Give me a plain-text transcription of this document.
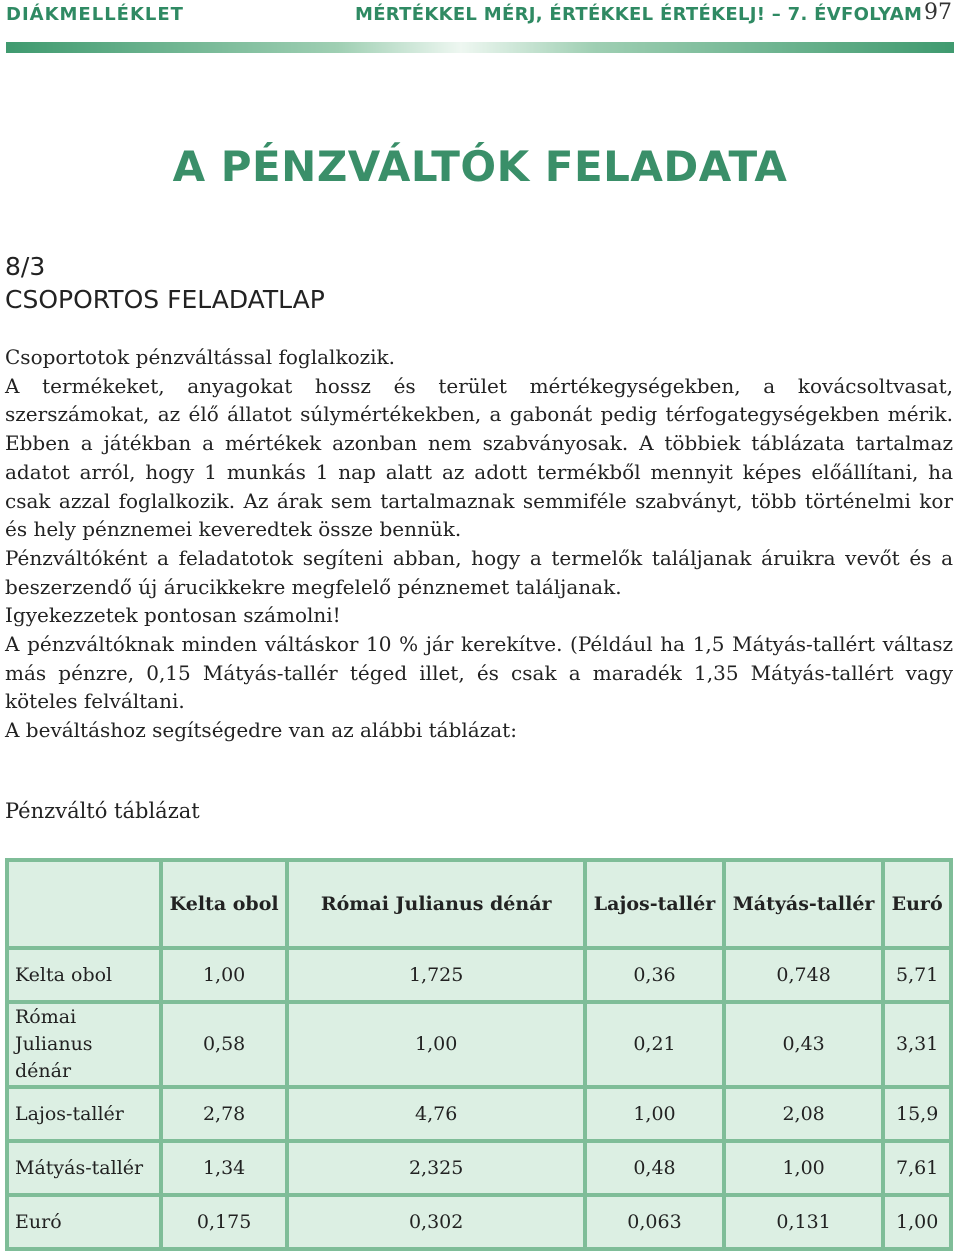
DIÁKMELLÉKLET	MÉRTÉKKEL MÉRJ, ÉRTÉKKEL ÉRTÉKELJ! – 7. ÉVFOLYAM 97
A PÉNZVÁLTÓK FELADATA
8/3
CSOPORTOS FELADATLAP

Csoportotok pénzváltással foglalkozik.

A termékeket, anyagokat hossz és terület mértékegységekben, a kovácsoltvasat, szerszámokat, az élő állatot súlymértékekben, a gabonát pedig térfogategységekben mérik. Ebben a játékban a mértékek azonban nem szabványosak. A többiek táblázata tartalmaz adatot arról, hogy 1 munkás 1 nap alatt az adott termékből mennyit képes előállítani, ha csak azzal foglalkozik. Az árak sem tartalmaznak semmiféle szabványt, több történelmi kor és hely pénznemei keveredtek össze bennük.

Pénzváltóként a feladatotok segíteni abban, hogy a termelők találjanak áruikra vevőt és a beszerzendő új árucikkekre megfelelő pénznemet találjanak.

Igyekezzetek pontosan számolni!

A pénzváltóknak minden váltáskor 10 % jár kerekítve. (Például ha 1,5 Mátyás-tallért váltasz más pénzre, 0,15 Mátyás-tallér téged illet, és csak a maradék 1,35 Mátyás-tallért vagy köteles felváltani.

A beváltáshoz segítségedre van az alábbi táblázat:

Pénzváltó táblázat
	Kelta obol	Római Julianus dénár	Lajos-tallér	Mátyás-tallér	Euró
Kelta obol	1,00	1,725	0,36	0,748	5,71
Római Julianus dénár	0,58	1,00	0,21	0,43	3,31
Lajos-tallér	2,78	4,76	1,00	2,08	15,9
Mátyás-tallér	1,34	2,325	0,48	1,00	7,61
Euró	0,175	0,302	0,063	0,131	1,00
